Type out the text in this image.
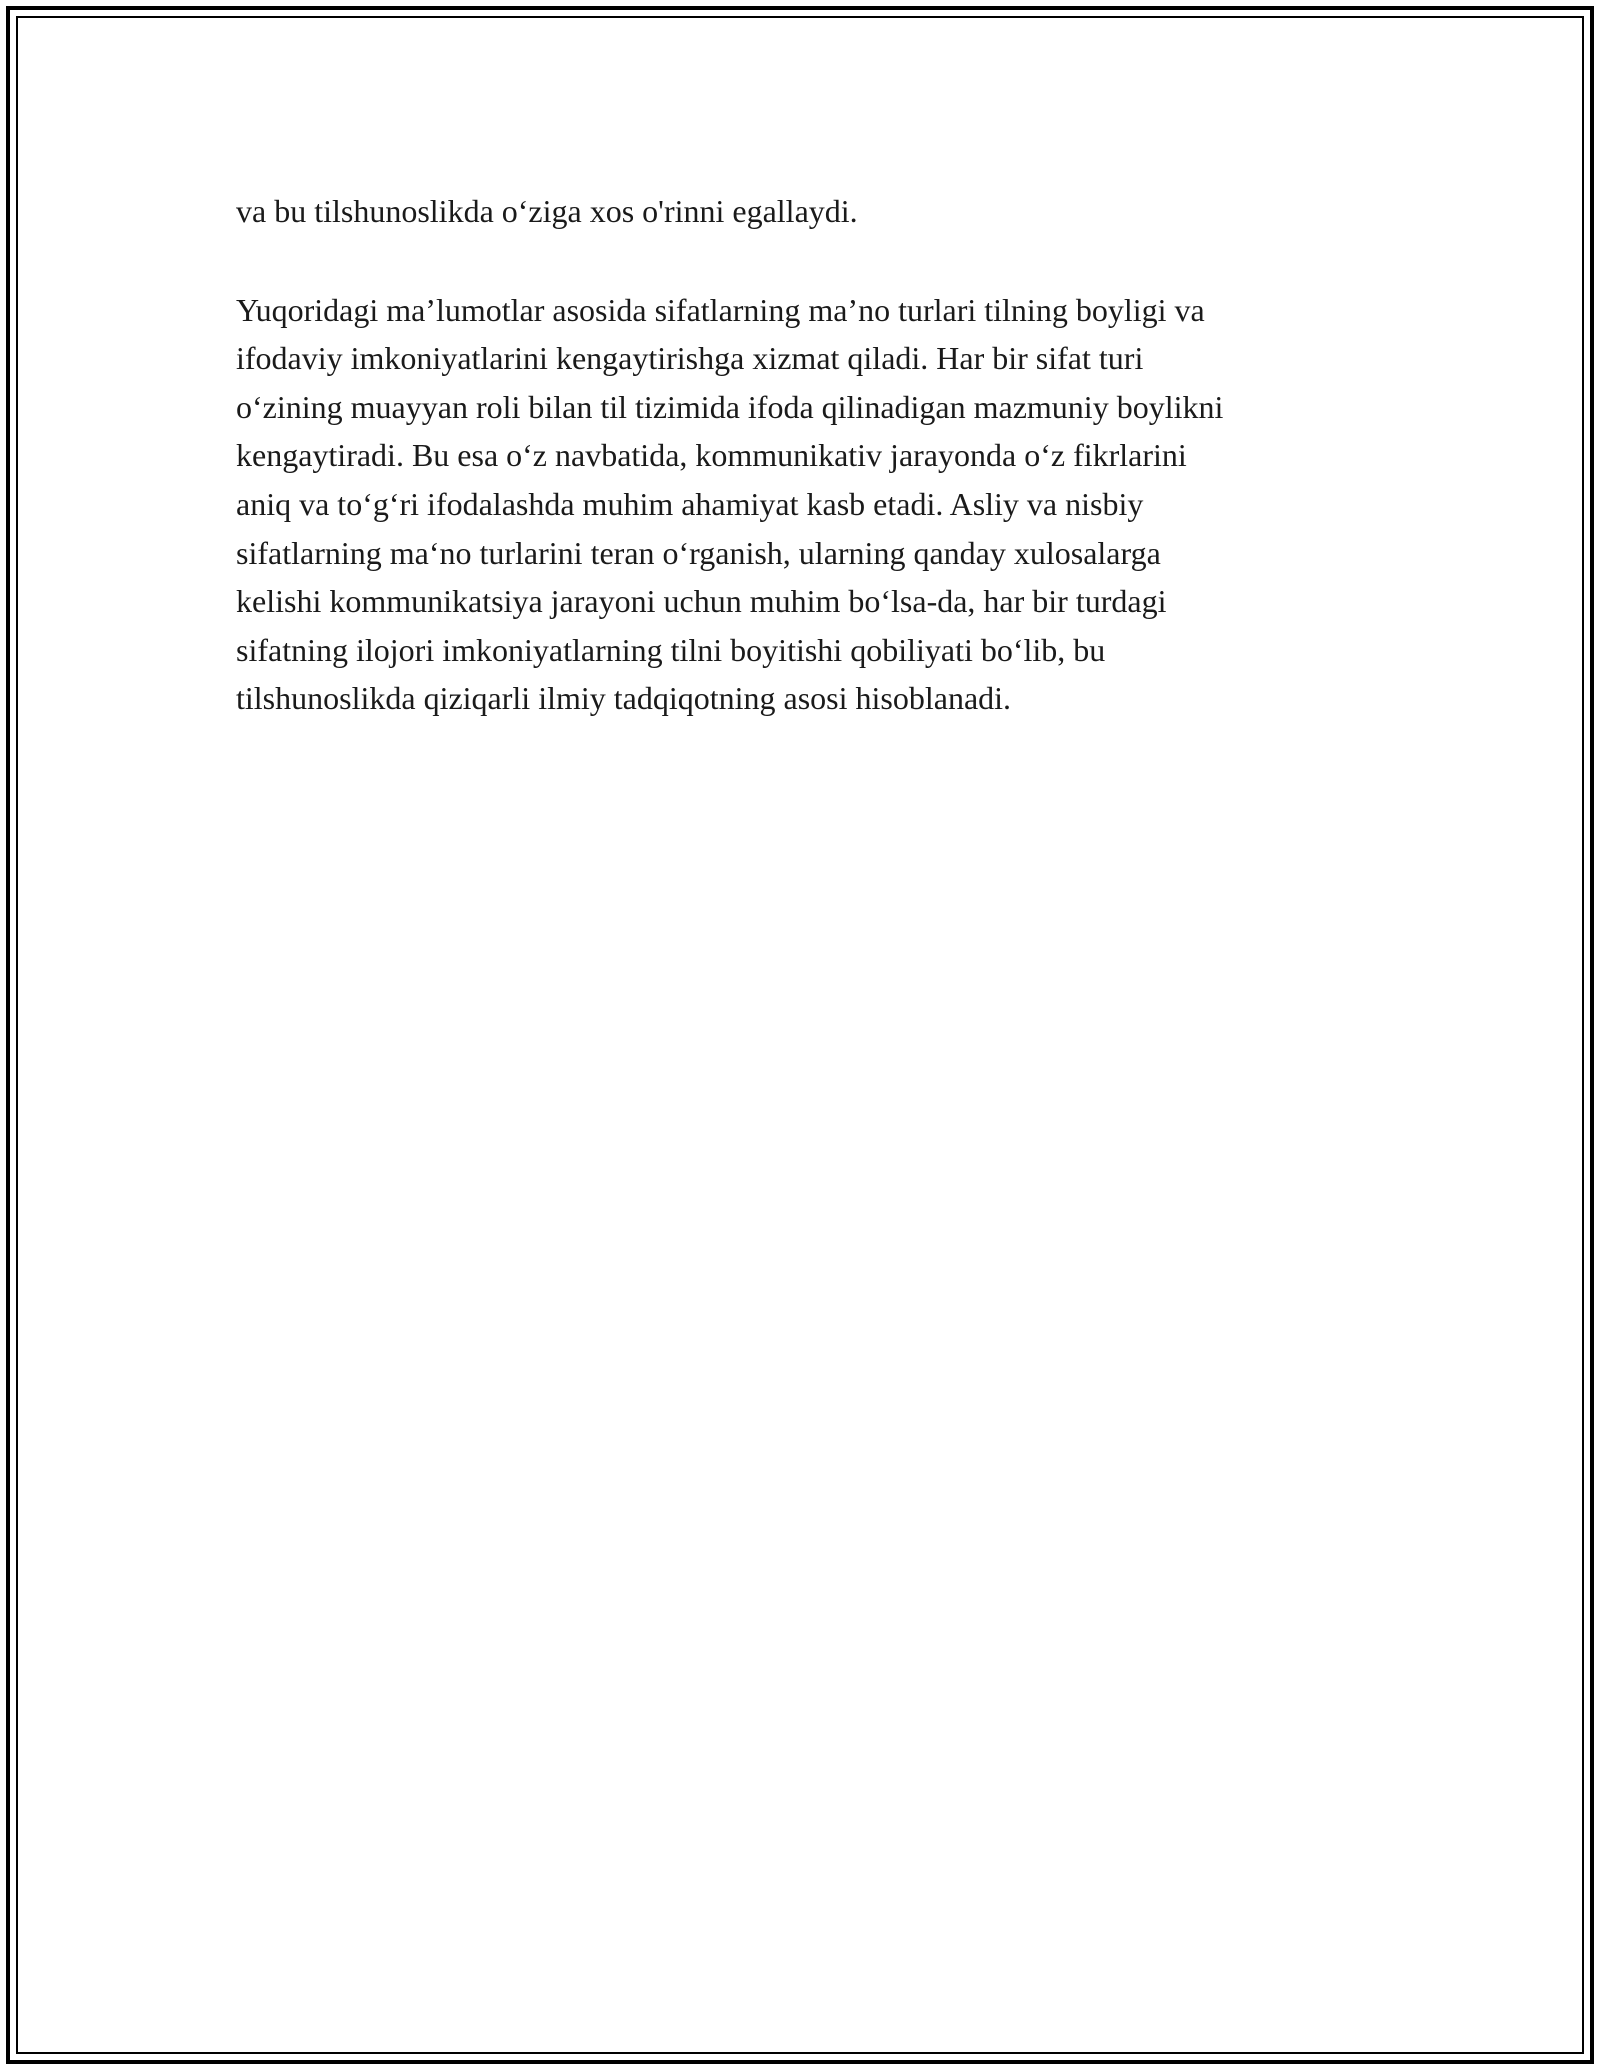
va bu tilshunoslikda o‘ziga xos o'rinni egallaydi.

Yuqoridagi ma’lumotlar asosida sifatlarning ma’no turlari tilning boyligi va

ifodaviy imkoniyatlarini kengaytirishga xizmat qiladi. Har bir sifat turi

o‘zining muayyan roli bilan til tizimida ifoda qilinadigan mazmuniy boylikni

kengaytiradi. Bu esa o‘z navbatida, kommunikativ jarayonda o‘z fikrlarini

aniq va to‘g‘ri ifodalashda muhim ahamiyat kasb etadi. Asliy va nisbiy

sifatlarning ma‘no turlarini teran o‘rganish, ularning qanday xulosalarga

kelishi kommunikatsiya jarayoni uchun muhim bo‘lsa-da, har bir turdagi

sifatning ilojori imkoniyatlarning tilni boyitishi qobiliyati bo‘lib, bu

tilshunoslikda qiziqarli ilmiy tadqiqotning asosi hisoblanadi.
